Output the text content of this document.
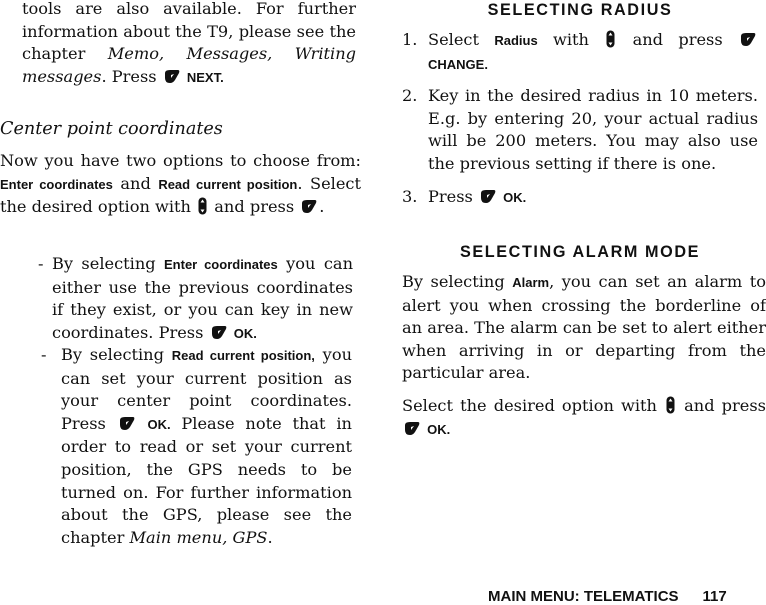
tools are also available. For further information about the T9, please see the chapter Memo, Messages, Writing messages. Press
NEXT.

Center point coordinates

Now you have two options to choose from: Enter coordinates and Read current position. Select the desired option with
and press
.

- By selecting Enter coordinates you can either use the previous coordinates if they exist, or you can key in new coordinates. Press
OK.

- By selecting Read current position, you can set your current position as your center point coordinates. Press
OK. Please note that in order to read or set your current position, the GPS needs to be turned on. For further information about the GPS, please see the chapter Main menu, GPS.

SELECTING RADIUS

1. Select Radius with
and press
CHANGE.

2. Key in the desired radius in 10 meters. E.g. by entering 20, your actual radius will be 200 meters. You may also use the previous setting if there is one.

3. Press
OK.

SELECTING ALARM MODE

By selecting Alarm, you can set an alarm to alert you when crossing the borderline of an area. The alarm can be set to alert either when arriving in or departing from the particular area.

Select the desired option with
and press
OK.

MAIN MENU: TELEMATICS 117
